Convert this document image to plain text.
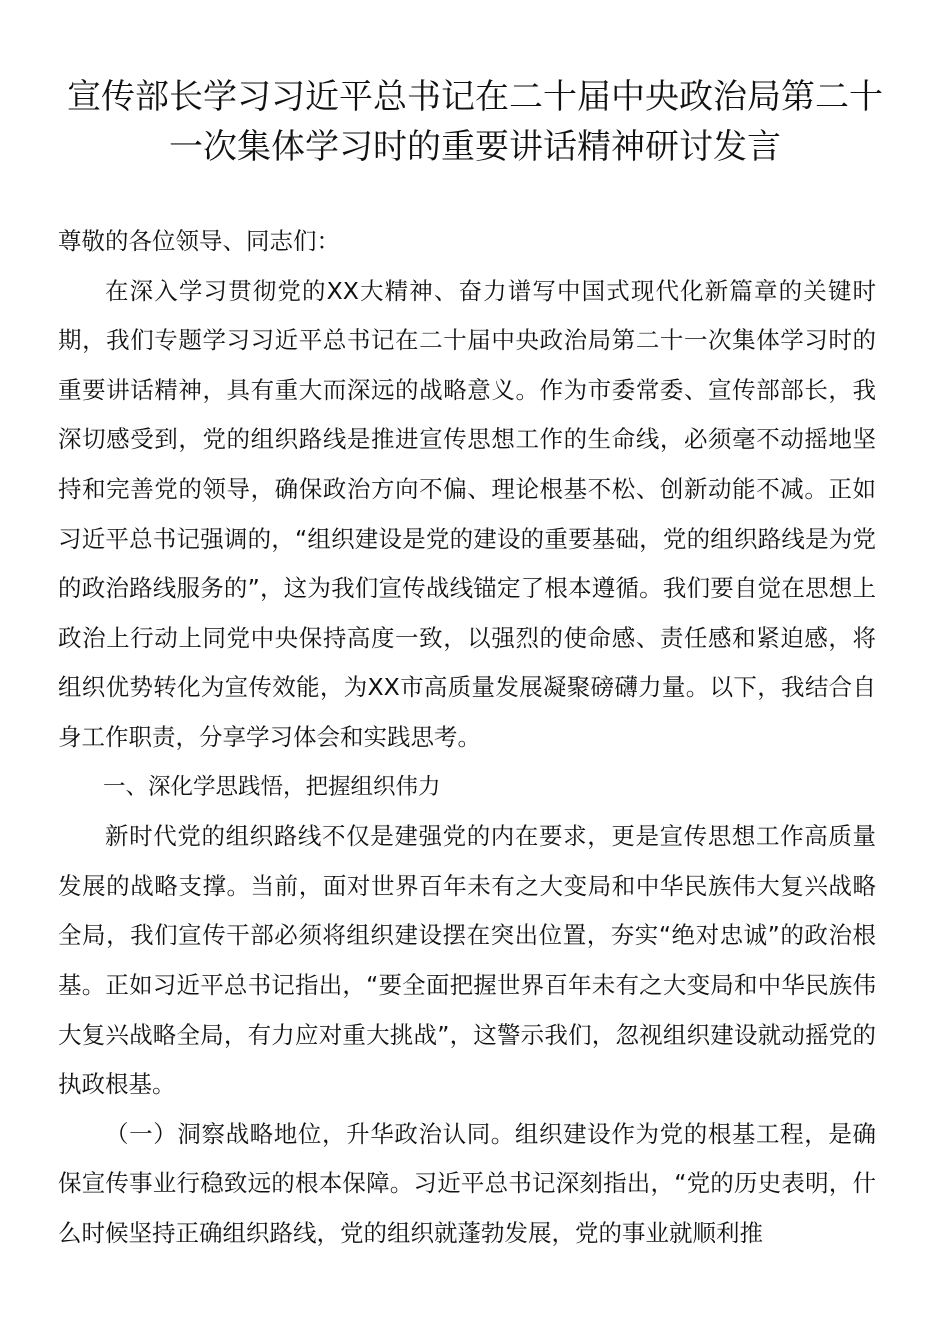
宣传部长学习习近平总书记在二十届中央政治局第二十一次集体学习时的重要讲话精神研讨发言

尊敬的各位领导、同志们：

在深入学习贯彻党的XX大精神、奋力谱写中国式现代化新篇章的关键时期，我们专题学习习近平总书记在二十届中央政治局第二十一次集体学习时的重要讲话精神，具有重大而深远的战略意义。作为市委常委、宣传部部长，我深切感受到，党的组织路线是推进宣传思想工作的生命线，必须毫不动摇地坚持和完善党的领导，确保政治方向不偏、理论根基不松、创新动能不减。正如习近平总书记强调的，“组织建设是党的建设的重要基础，党的组织路线是为党的政治路线服务的”，这为我们宣传战线锚定了根本遵循。我们要自觉在思想上政治上行动上同党中央保持高度一致，以强烈的使命感、责任感和紧迫感，将组织优势转化为宣传效能，为XX市高质量发展凝聚磅礴力量。以下，我结合自身工作职责，分享学习体会和实践思考。

一、深化学思践悟，把握组织伟力

新时代党的组织路线不仅是建强党的内在要求，更是宣传思想工作高质量发展的战略支撑。当前，面对世界百年未有之大变局和中华民族伟大复兴战略全局，我们宣传干部必须将组织建设摆在突出位置，夯实“绝对忠诚”的政治根基。正如习近平总书记指出，“要全面把握世界百年未有之大变局和中华民族伟大复兴战略全局，有力应对重大挑战”，这警示我们，忽视组织建设就动摇党的执政根基。

（一）洞察战略地位，升华政治认同。组织建设作为党的根基工程，是确保宣传事业行稳致远的根本保障。习近平总书记深刻指出，“党的历史表明，什么时候坚持正确组织路线，党的组织就蓬勃发展，党的事业就顺利推
